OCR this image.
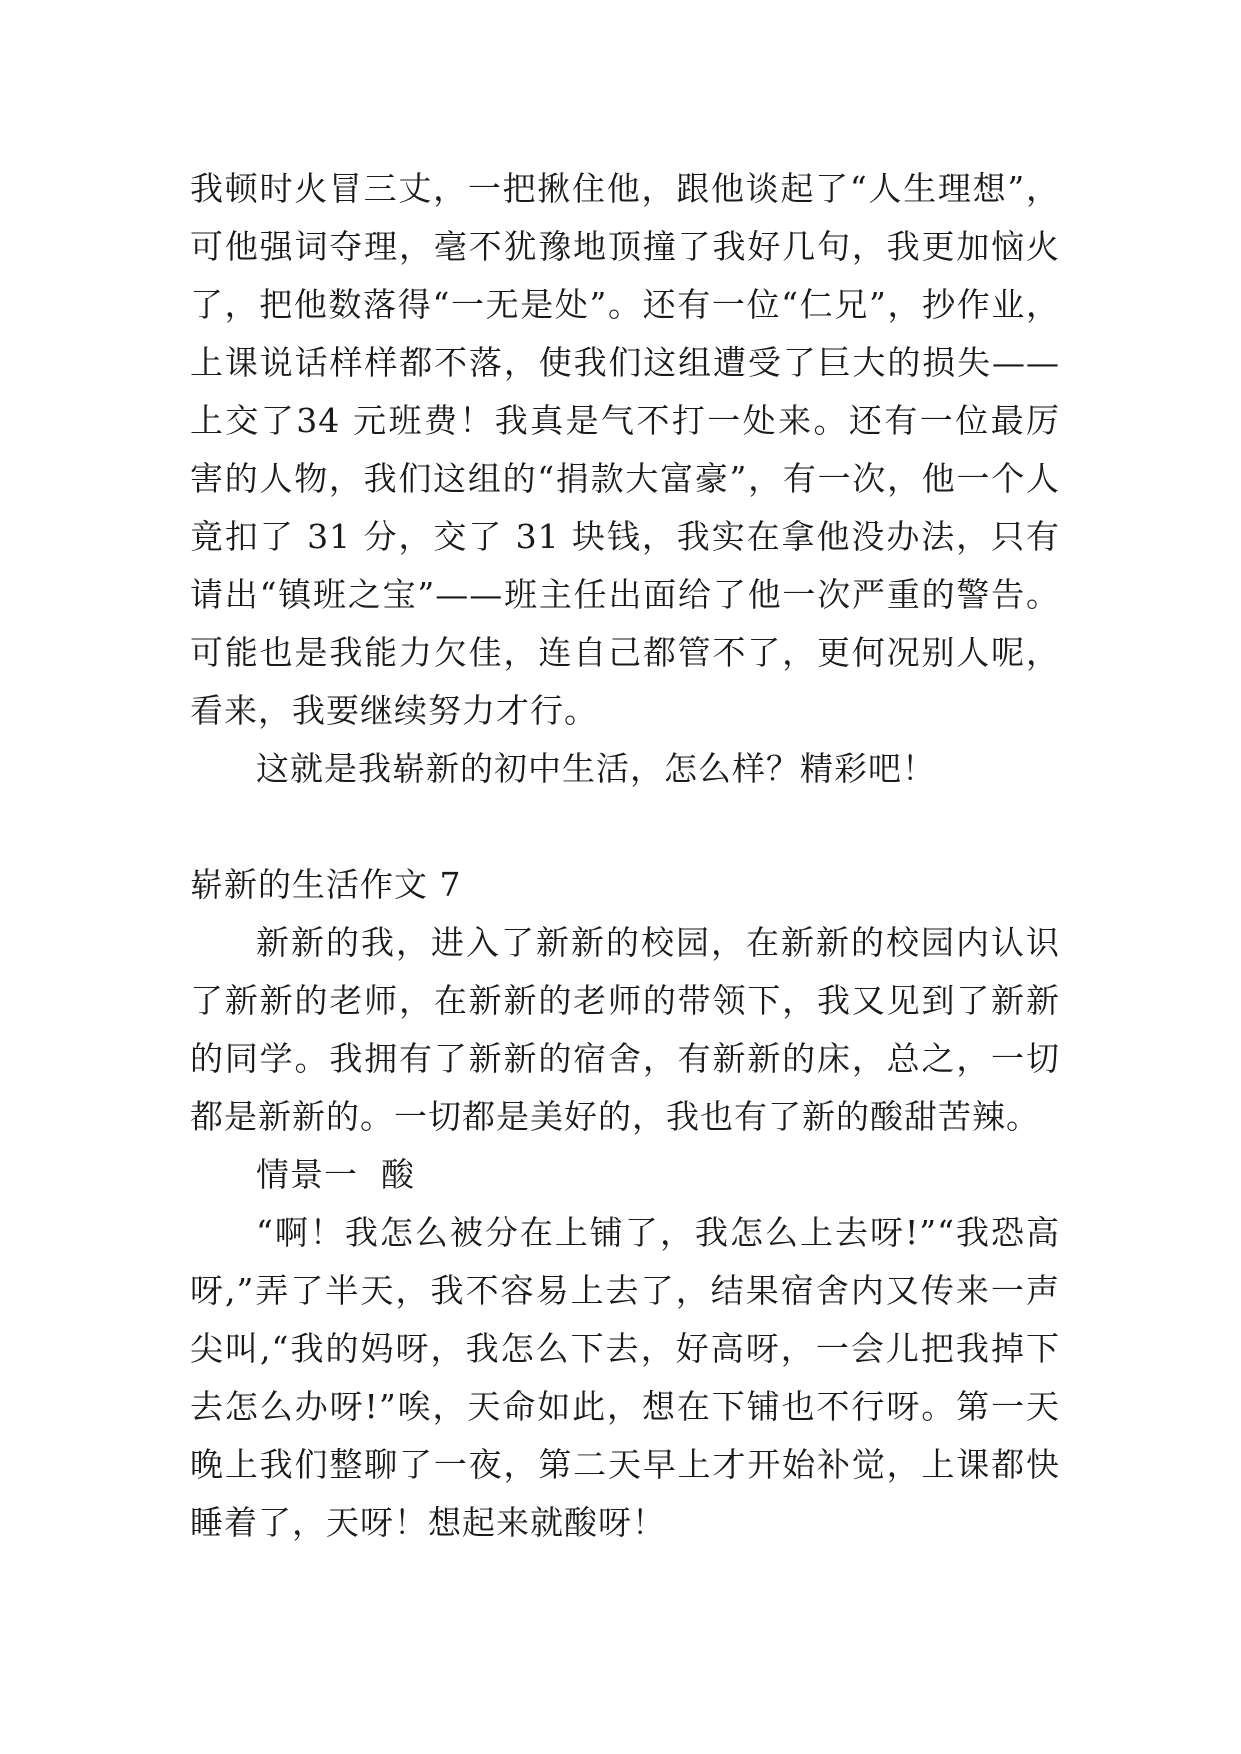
我顿时火冒三丈，一把揪住他，跟他谈起了“人生理想”，可他强词夺理，毫不犹豫地顶撞了我好几句，我更加恼火了，把他数落得“一无是处”。还有一位“仁兄”，抄作业，上课说话样样都不落，使我们这组遭受了巨大的损失——上交了34 元班费！我真是气不打一处来。还有一位最厉害的人物，我们这组的“捐款大富豪”，有一次，他一个人竟扣了 31 分，交了 31 块钱，我实在拿他没办法，只有请出“镇班之宝”——班主任出面给了他一次严重的警告。可能也是我能力欠佳，连自己都管不了，更何况别人呢，看来，我要继续努力才行。

这就是我崭新的初中生活，怎么样？精彩吧！

崭新的生活作文 7

新新的我，进入了新新的校园，在新新的校园内认识了新新的老师，在新新的老师的带领下，我又见到了新新的同学。我拥有了新新的宿舍，有新新的床，总之，一切都是新新的。一切都是美好的，我也有了新的酸甜苦辣。

情景一  酸

“啊！我怎么被分在上铺了，我怎么上去呀!”“我恐高呀,”弄了半天，我不容易上去了，结果宿舍内又传来一声尖叫,“我的妈呀，我怎么下去，好高呀，一会儿把我掉下去怎么办呀!”唉，天命如此，想在下铺也不行呀。第一天晚上我们整聊了一夜，第二天早上才开始补觉，上课都快睡着了，天呀！想起来就酸呀！
